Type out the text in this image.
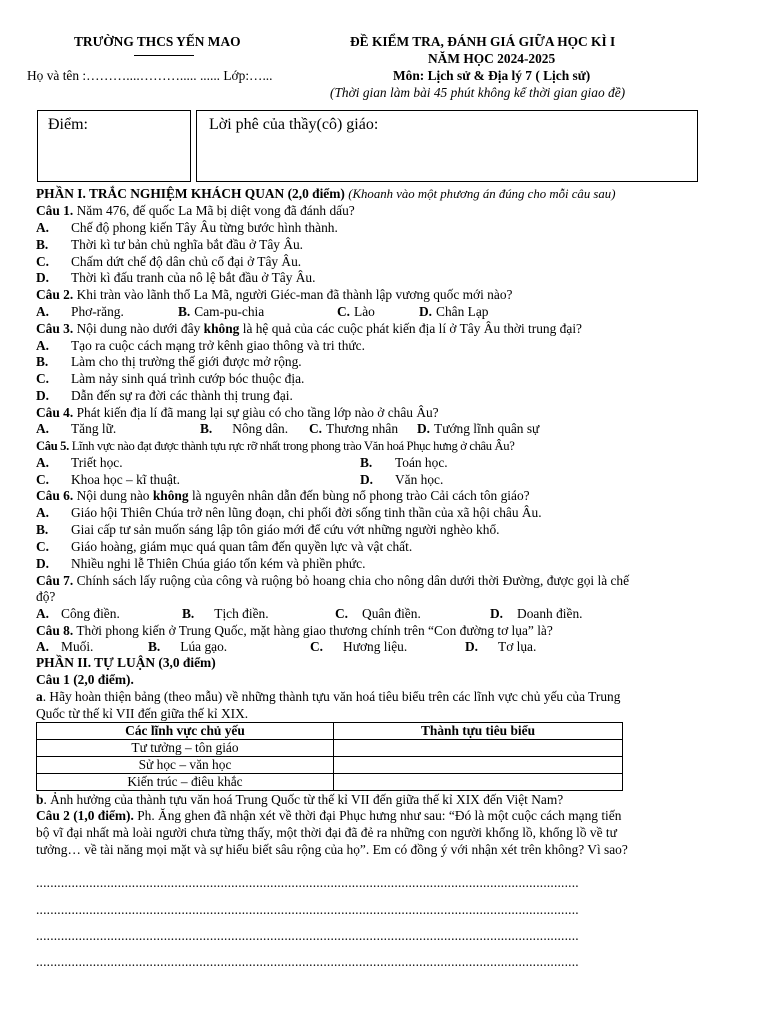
TRƯỜNG THCS YẾN MAO	ĐỀ KIỂM TRA, ĐÁNH GIÁ GIỮA HỌC KÌ I
NĂM HỌC 2024-2025
Họ và tên :………....………..... ...... Lớp:…...	Môn: Lịch sử & Địa lý 7 ( Lịch sử)
(Thời gian làm bài 45 phút không kể thời gian giao đề)
Điểm:	Lời phê của thầy(cô) giáo:
PHẦN I. TRẮC NGHIỆM KHÁCH QUAN (2,0 điểm) (Khoanh vào một phương án đúng cho mỗi câu sau)
Câu 1. Năm 476, đế quốc La Mã bị diệt vong đã đánh dấu?
A. Chế độ phong kiến Tây Âu từng bước hình thành.
B. Thời kì tư bản chủ nghĩa bắt đầu ở Tây Âu.
C. Chấm dứt chế độ dân chủ cổ đại ở Tây Âu.
D. Thời kì đấu tranh của nô lệ bắt đầu ở Tây Âu.
Câu 2. Khi tràn vào lãnh thổ La Mã, người Giéc-man đã thành lập vương quốc mới nào?
A. Phơ-răng.	B. Cam-pu-chia	C. Lào	D. Chân Lạp
Câu 3. Nội dung nào dưới đây không là hệ quả của các cuộc phát kiến địa lí ở Tây Âu thời trung đại?
A. Tạo ra cuộc cách mạng trở kênh giao thông và tri thức.
B. Làm cho thị trường thế giới được mở rộng.
C. Làm nảy sinh quá trình cướp bóc thuộc địa.
D. Dẫn đến sự ra đời các thành thị trung đại.
Câu 4. Phát kiến địa lí đã mang lại sự giàu có cho tầng lớp nào ở châu Âu?
A. Tăng lữ.	B. Nông dân. C. Thương nhân D. Tướng lĩnh quân sự
Câu 5. Lĩnh vực nào đạt được thành tựu rực rỡ nhất trong phong trào Văn hoá Phục hưng ở châu Âu?
A. Triết học.	B. Toán học.
C. Khoa học – kĩ thuật.	D. Văn học.
Câu 6. Nội dung nào không là nguyên nhân dẫn đến bùng nổ phong trào Cải cách tôn giáo?
A. Giáo hội Thiên Chúa trở nên lũng đoạn, chi phối đời sống tinh thần của xã hội châu Âu.
B. Giai cấp tư sản muốn sáng lập tôn giáo mới để cứu vớt những người nghèo khổ.
C. Giáo hoàng, giám mục quá quan tâm đến quyền lực và vật chất.
D. Nhiều nghi lễ Thiên Chúa giáo tốn kém và phiền phức.
Câu 7. Chính sách lấy ruộng của công và ruộng bỏ hoang chia cho nông dân dưới thời Đường, được gọi là chế
độ?
A. Công điền.	B. Tịch điền.	C. Quân điền.	D. Doanh điền.
Câu 8. Thời phong kiến ở Trung Quốc, mặt hàng giao thương chính trên “Con đường tơ lụa” là?
A. Muối.	B. Lúa gạo.	C. Hương liệu.	D. Tơ lụa.
PHẦN II. TỰ LUẬN (3,0 điểm)
Câu 1 (2,0 điểm).
a. Hãy hoàn thiện bảng (theo mẫu) về những thành tựu văn hoá tiêu biểu trên các lĩnh vực chủ yếu của Trung
Quốc từ thế kỉ VII đến giữa thế kỉ XIX.
Các lĩnh vực chủ yếu	Thành tựu tiêu biểu
Tư tưởng – tôn giáo	
Sử học – văn học	
Kiến trúc – điêu khắc	
b. Ảnh hưởng của thành tựu văn hoá Trung Quốc từ thế kỉ VII đến giữa thế kỉ XIX đến Việt Nam?
Câu 2 (1,0 điểm). Ph. Ăng ghen đã nhận xét về thời đại Phục hưng như sau: “Đó là một cuộc cách mạng tiến
bộ vĩ đại nhất mà loài người chưa từng thấy, một thời đại đã đẻ ra những con người khổng lồ, khổng lồ về tư
tưởng… về tài năng mọi mặt và sự hiểu biết sâu rộng của họ”. Em có đồng ý với nhận xét trên không? Vì sao?
.........................................................................................................................................................
.........................................................................................................................................................
.........................................................................................................................................................
.........................................................................................................................................................
